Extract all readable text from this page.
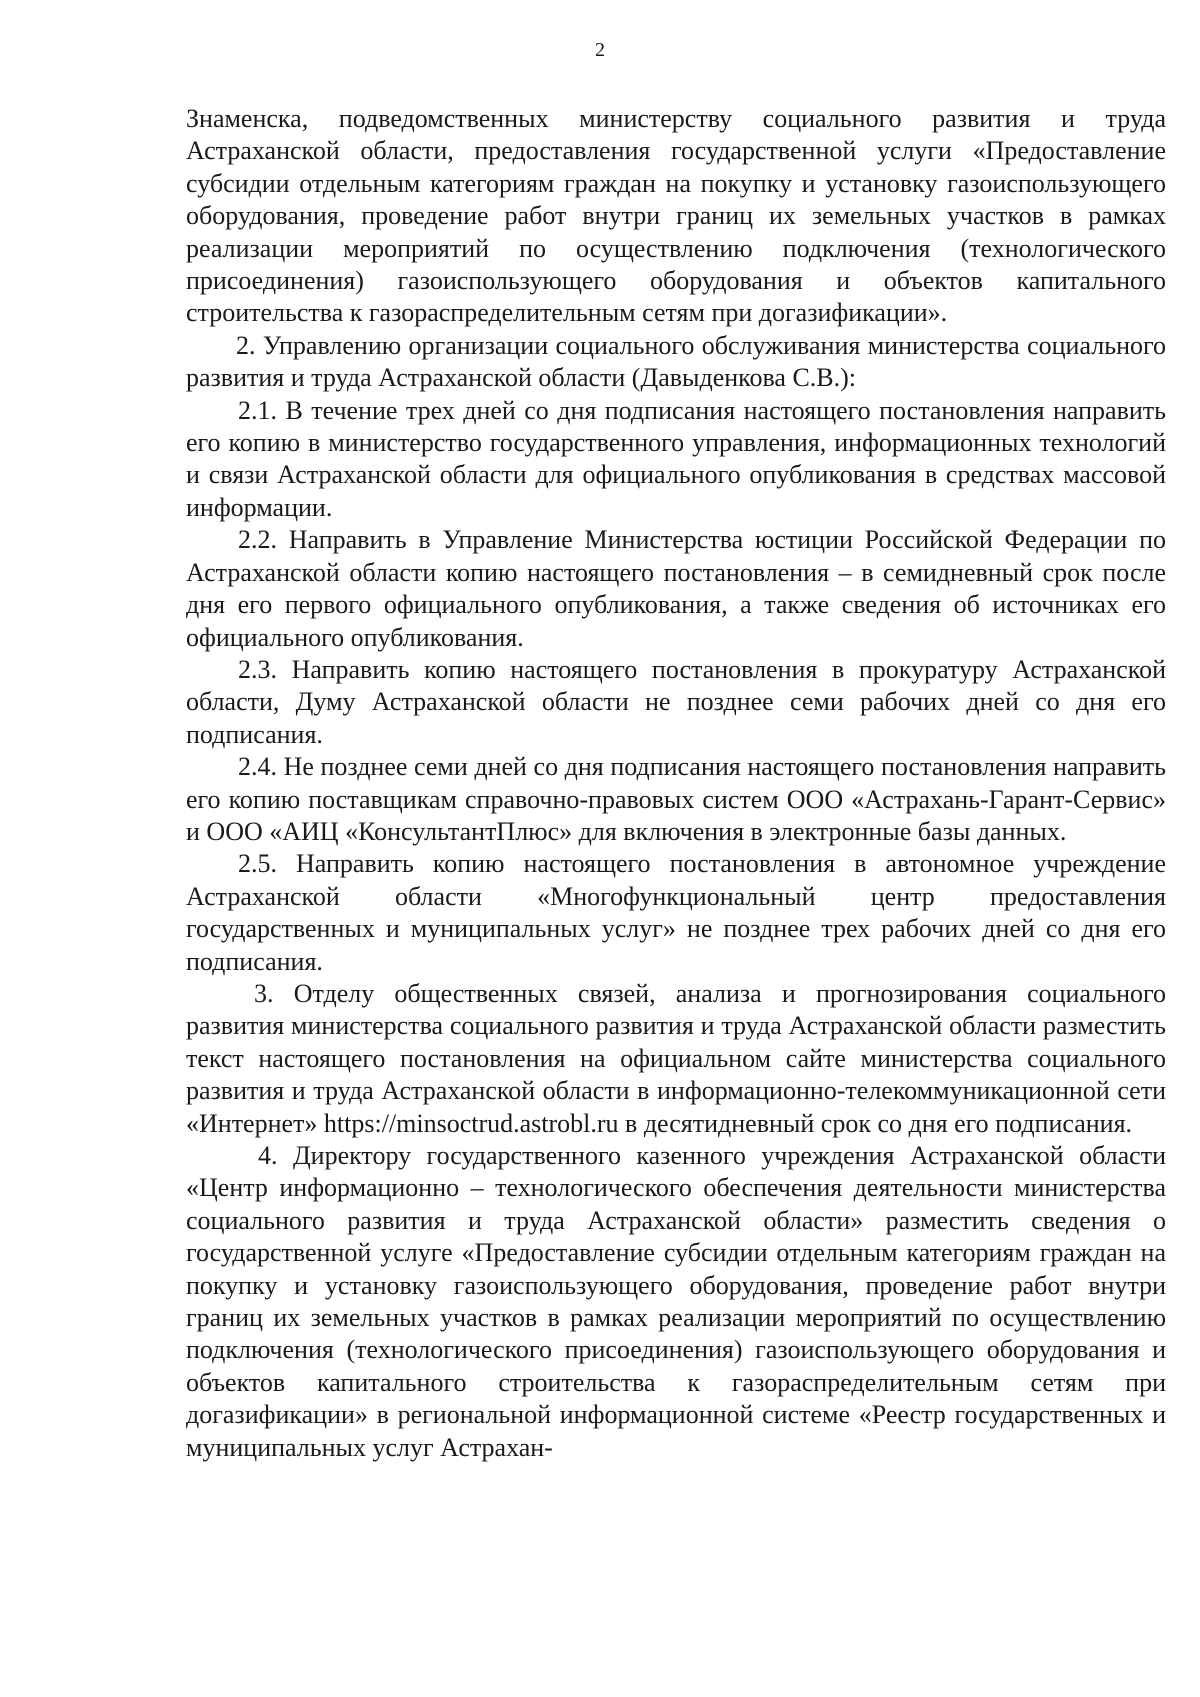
2

Знаменска, подведомственных министерству социального развития и труда Астраханской области, предоставления государственной услуги «Предоставление субсидии отдельным категориям граждан на покупку и установку газоиспользующего оборудования, проведение работ внутри границ их земельных участков в рамках реализации мероприятий по осуществлению подключения (технологического присоединения) газоиспользующего оборудования и объектов капитального строительства к газораспределительным сетям при догазификации».

2. Управлению организации социального обслуживания министерства социального развития и труда Астраханской области (Давыденкова С.В.):

2.1. В течение трех дней со дня подписания настоящего постановления направить его копию в министерство государственного управления, информационных технологий и связи Астраханской области для официального опубликования в средствах массовой информации.

2.2. Направить в Управление Министерства юстиции Российской Федерации по Астраханской области копию настоящего постановления – в семидневный срок после дня его первого официального опубликования, а также сведения об источниках его официального опубликования.

2.3. Направить копию настоящего постановления в прокуратуру Астраханской области, Думу Астраханской области не позднее семи рабочих дней со дня его подписания.

2.4. Не позднее семи дней со дня подписания настоящего постановления направить его копию поставщикам справочно-правовых систем ООО «Астрахань-Гарант-Сервис» и ООО «АИЦ «КонсультантПлюс» для включения в электронные базы данных.

2.5. Направить копию настоящего постановления в автономное учреждение Астраханской области «Многофункциональный центр предоставления государственных и муниципальных услуг» не позднее трех рабочих дней со дня его подписания.

3. Отделу общественных связей, анализа и прогнозирования социального развития министерства социального развития и труда Астраханской области разместить текст настоящего постановления на официальном сайте министерства социального развития и труда Астраханской области в информационно-телекоммуникационной сети «Интернет» https://minsoctrud.astrobl.ru в десятидневный срок со дня его подписания.

4. Директору государственного казенного учреждения Астраханской области «Центр информационно – технологического обеспечения деятельности министерства социального развития и труда Астраханской области» разместить сведения о государственной услуге «Предоставление субсидии отдельным категориям граждан на покупку и установку газоиспользующего оборудования, проведение работ внутри границ их земельных участков в рамках реализации мероприятий по осуществлению подключения (технологического присоединения) газоиспользующего оборудования и объектов капитального строительства к газораспределительным сетям при догазификации» в региональной информационной системе «Реестр государственных и муниципальных услуг Астрахан-
